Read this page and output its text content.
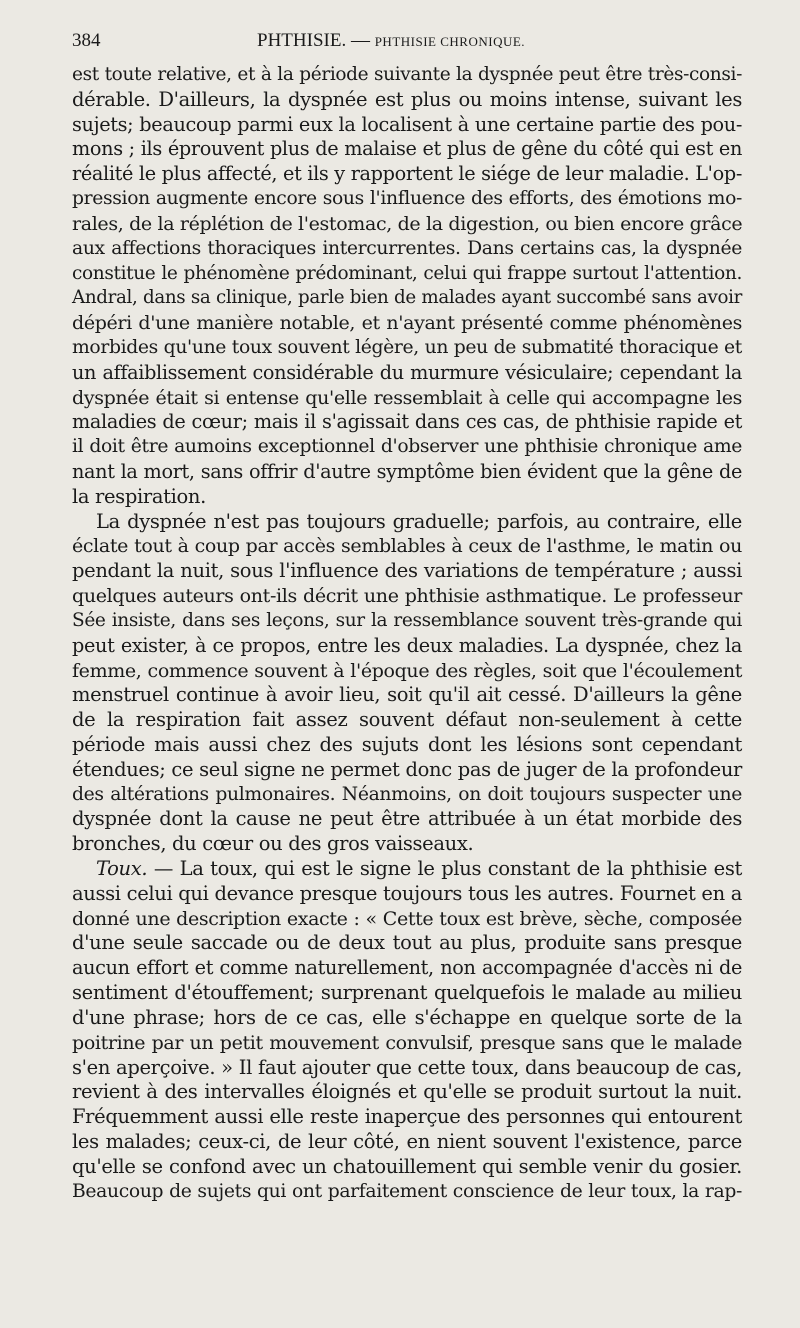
384	PHTHISIE. — PHTHISIE CHRONIQUE.
est toute relative, et à la période suivante la dyspnée peut être très-consi-
dérable. D'ailleurs, la dyspnée est plus ou moins intense, suivant les
sujets; beaucoup parmi eux la localisent à une certaine partie des pou-
mons ; ils éprouvent plus de malaise et plus de gêne du côté qui est en
réalité le plus affecté, et ils y rapportent le siége de leur maladie. L'op-
pression augmente encore sous l'influence des efforts, des émotions mo-
rales, de la réplétion de l'estomac, de la digestion, ou bien encore grâce
aux affections thoraciques intercurrentes. Dans certains cas, la dyspnée
constitue le phénomène prédominant, celui qui frappe surtout l'attention.
Andral, dans sa clinique, parle bien de malades ayant succombé sans avoir
dépéri d'une manière notable, et n'ayant présenté comme phénomènes
morbides qu'une toux souvent légère, un peu de submatité thoracique et
un affaiblissement considérable du murmure vésiculaire; cependant la
dyspnée était si entense qu'elle ressemblait à celle qui accompagne les
maladies de cœur; mais il s'agissait dans ces cas, de phthisie rapide et
il doit être aumoins exceptionnel d'observer une phthisie chronique ame
nant la mort, sans offrir d'autre symptôme bien évident que la gêne de
la respiration.
La dyspnée n'est pas toujours graduelle; parfois, au contraire, elle
éclate tout à coup par accès semblables à ceux de l'asthme, le matin ou
pendant la nuit, sous l'influence des variations de température ; aussi
quelques auteurs ont-ils décrit une phthisie asthmatique. Le professeur
Sée insiste, dans ses leçons, sur la ressemblance souvent très-grande qui
peut exister, à ce propos, entre les deux maladies. La dyspnée, chez la
femme, commence souvent à l'époque des règles, soit que l'écoulement
menstruel continue à avoir lieu, soit qu'il ait cessé. D'ailleurs la gêne
de la respiration fait assez souvent défaut non-seulement à cette
période mais aussi chez des sujuts dont les lésions sont cependant
étendues; ce seul signe ne permet donc pas de juger de la profondeur
des altérations pulmonaires. Néanmoins, on doit toujours suspecter une
dyspnée dont la cause ne peut être attribuée à un état morbide des
bronches, du cœur ou des gros vaisseaux.
Toux. — La toux, qui est le signe le plus constant de la phthisie est
aussi celui qui devance presque toujours tous les autres. Fournet en a
donné une description exacte : « Cette toux est brève, sèche, composée
d'une seule saccade ou de deux tout au plus, produite sans presque
aucun effort et comme naturellement, non accompagnée d'accès ni de
sentiment d'étouffement; surprenant quelquefois le malade au milieu
d'une phrase; hors de ce cas, elle s'échappe en quelque sorte de la
poitrine par un petit mouvement convulsif, presque sans que le malade
s'en aperçoive. » Il faut ajouter que cette toux, dans beaucoup de cas,
revient à des intervalles éloignés et qu'elle se produit surtout la nuit.
Fréquemment aussi elle reste inaperçue des personnes qui entourent
les malades; ceux-ci, de leur côté, en nient souvent l'existence, parce
qu'elle se confond avec un chatouillement qui semble venir du gosier.
Beaucoup de sujets qui ont parfaitement conscience de leur toux, la rap-
